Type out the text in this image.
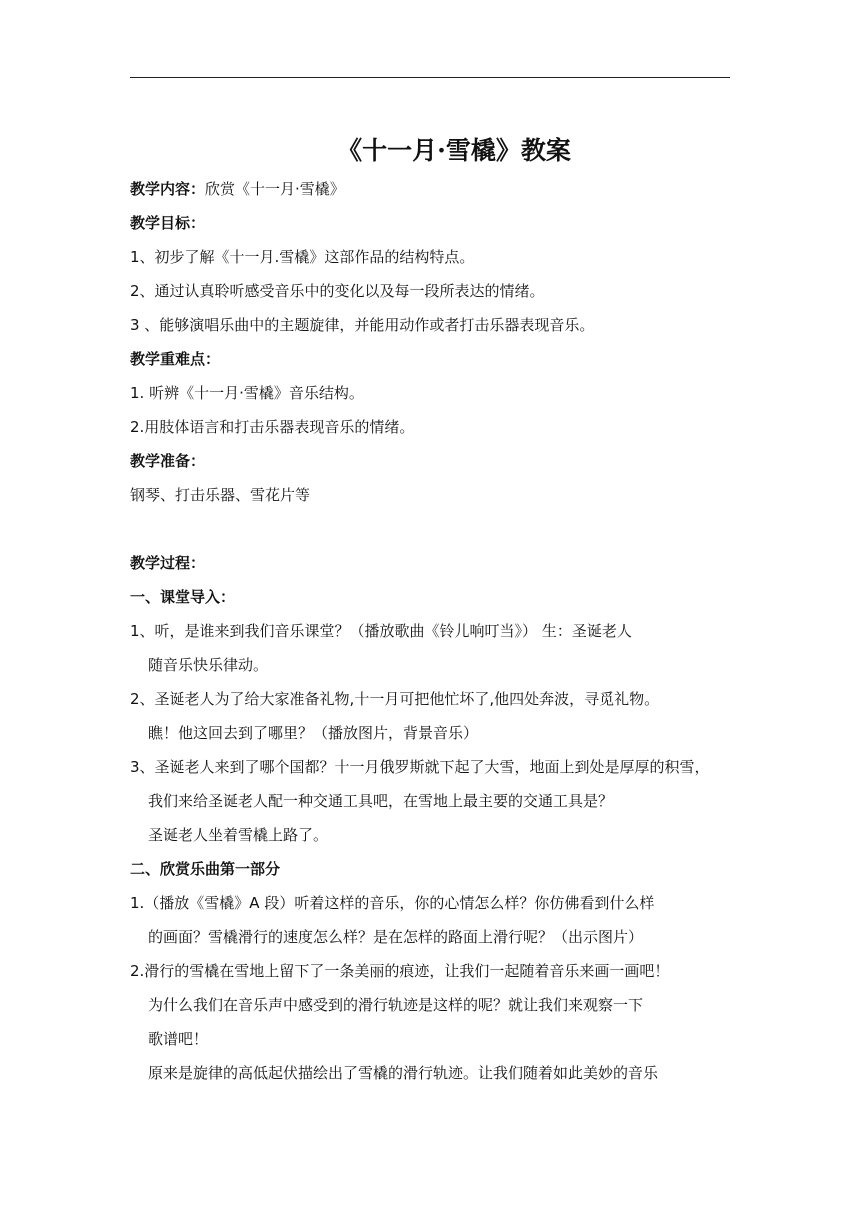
《十一月·雪橇》教案
教学内容：欣赏《十一月·雪橇》
教学目标：
1、初步了解《十一月.雪橇》这部作品的结构特点。
2、通过认真聆听感受音乐中的变化以及每一段所表达的情绪。
3 、能够演唱乐曲中的主题旋律，并能用动作或者打击乐器表现音乐。
教学重难点：
1. 听辨《十一月·雪橇》音乐结构。
2.用肢体语言和打击乐器表现音乐的情绪。
教学准备：
钢琴、打击乐器、雪花片等
教学过程：
一、课堂导入：
1、听，是谁来到我们音乐课堂？（播放歌曲《铃儿响叮当》） 生：圣诞老人
随音乐快乐律动。
2、圣诞老人为了给大家准备礼物,十一月可把他忙坏了,他四处奔波，寻觅礼物。
瞧！他这回去到了哪里？（播放图片，背景音乐）
3、圣诞老人来到了哪个国都？十一月俄罗斯就下起了大雪，地面上到处是厚厚的积雪，
我们来给圣诞老人配一种交通工具吧，在雪地上最主要的交通工具是？
圣诞老人坐着雪橇上路了。
二、欣赏乐曲第一部分
1.（播放《雪橇》A 段）听着这样的音乐，你的心情怎么样？你仿佛看到什么样
的画面？雪橇滑行的速度怎么样？是在怎样的路面上滑行呢？（出示图片）
2.滑行的雪橇在雪地上留下了一条美丽的痕迹，让我们一起随着音乐来画一画吧！
为什么我们在音乐声中感受到的滑行轨迹是这样的呢？就让我们来观察一下
歌谱吧！
原来是旋律的高低起伏描绘出了雪橇的滑行轨迹。让我们随着如此美妙的音乐
